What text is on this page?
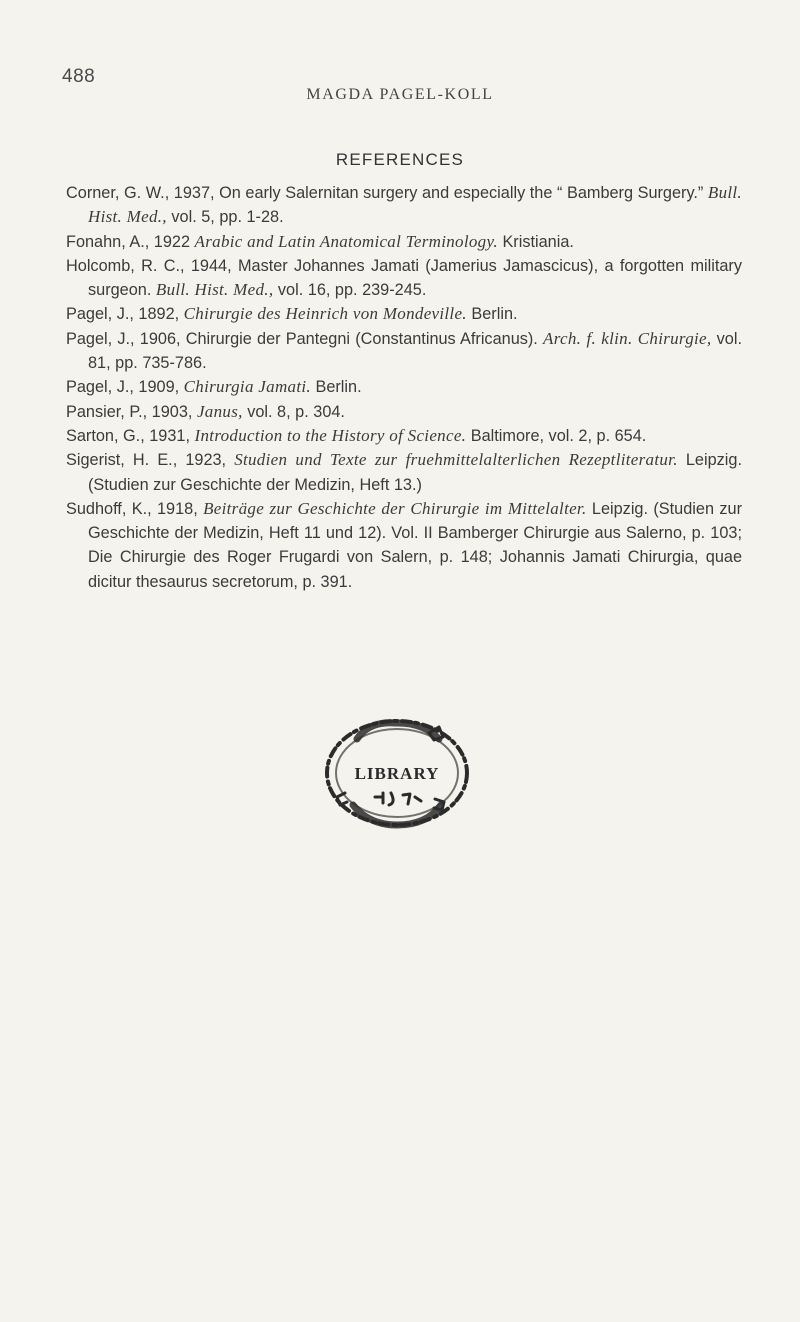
488
MAGDA PAGEL-KOLL
REFERENCES
Corner, G. W., 1937, On early Salernitan surgery and especially the “ Bamberg Surgery.” Bull. Hist. Med., vol. 5, pp. 1-28.
Fonahn, A., 1922 Arabic and Latin Anatomical Terminology. Kristiania.
Holcomb, R. C., 1944, Master Johannes Jamati (Jamerius Jamascicus), a forgotten military surgeon. Bull. Hist. Med., vol. 16, pp. 239-245.
Pagel, J., 1892, Chirurgie des Heinrich von Mondeville. Berlin.
Pagel, J., 1906, Chirurgie der Pantegni (Constantinus Africanus). Arch. f. klin. Chirurgie, vol. 81, pp. 735-786.
Pagel, J., 1909, Chirurgia Jamati. Berlin.
Pansier, P., 1903, Janus, vol. 8, p. 304.
Sarton, G., 1931, Introduction to the History of Science. Baltimore, vol. 2, p. 654.
Sigerist, H. E., 1923, Studien und Texte zur fruehmittelalterlichen Rezeptliteratur. Leipzig. (Studien zur Geschichte der Medizin, Heft 13.)
Sudhoff, K., 1918, Beiträge zur Geschichte der Chirurgie im Mittelalter. Leipzig. (Studien zur Geschichte der Medizin, Heft 11 und 12). Vol. II Bamberger Chirurgie aus Salerno, p. 103; Die Chirurgie des Roger Frugardi von Salern, p. 148; Johannis Jamati Chirurgia, quae dicitur thesaurus secretorum, p. 391.
LIBRARY
